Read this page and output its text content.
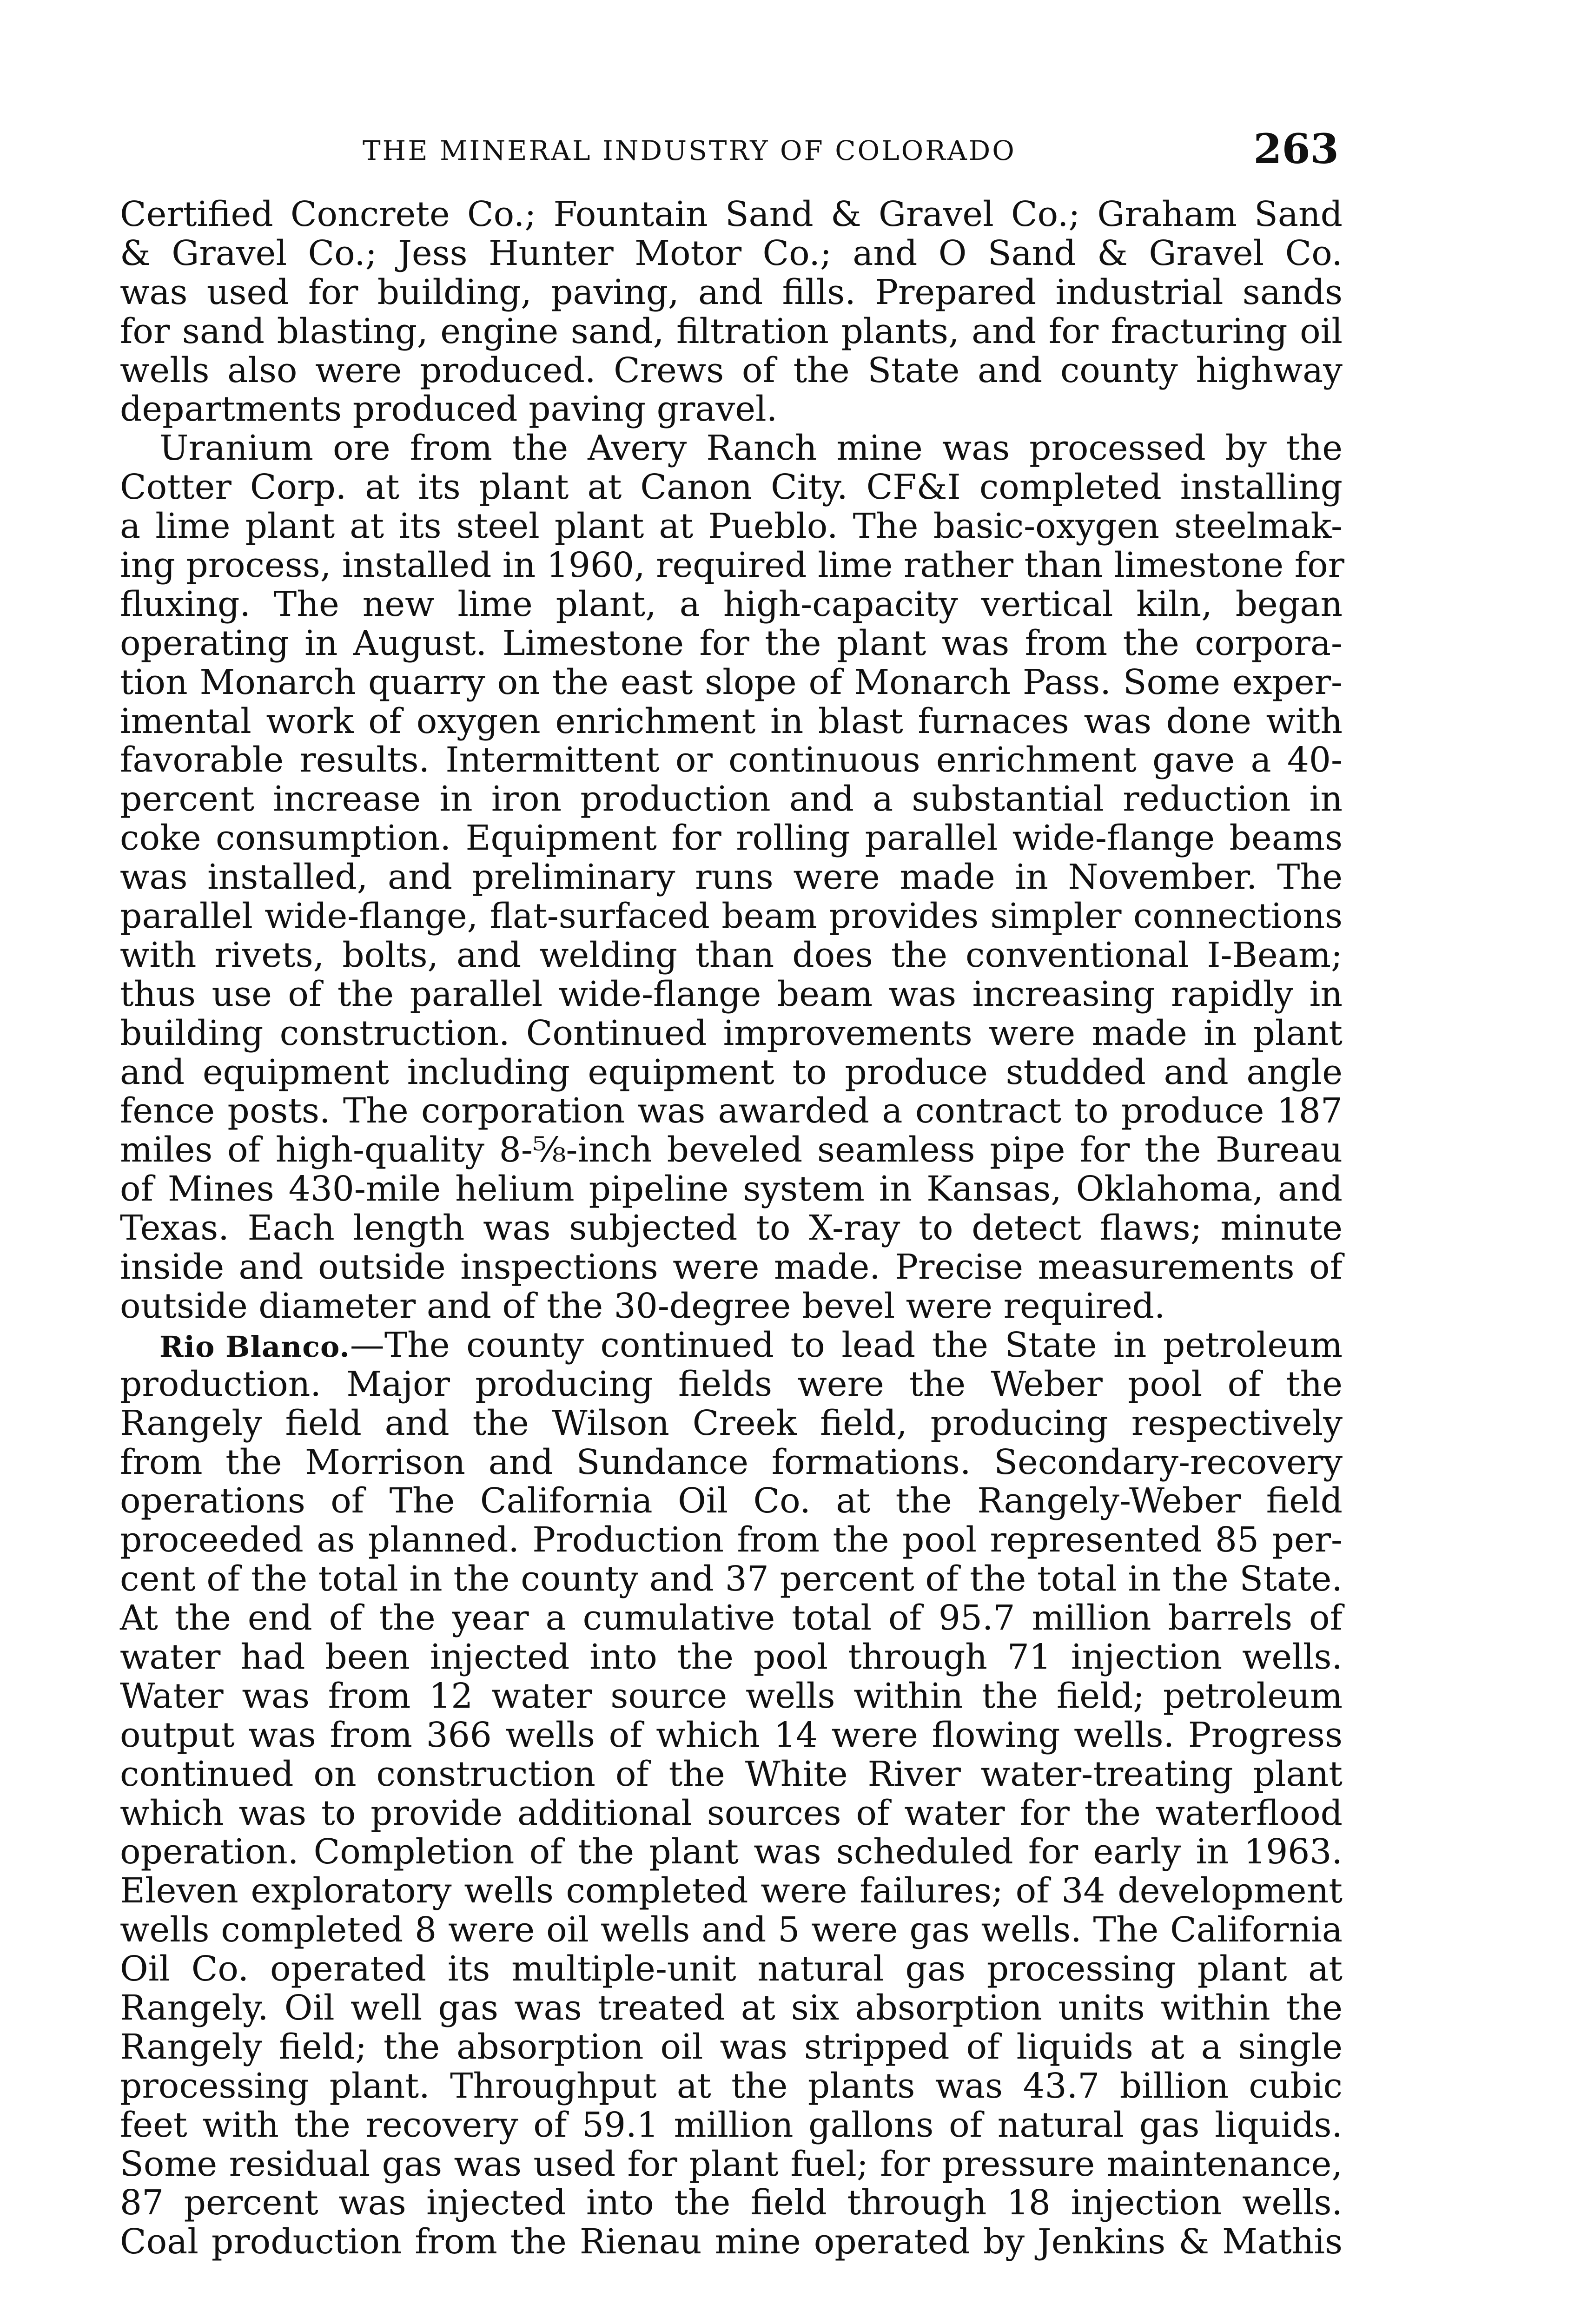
THE MINERAL INDUSTRY OF COLORADO	263
Certified Concrete Co.; Fountain Sand & Gravel Co.; Graham Sand
& Gravel Co.; Jess Hunter Motor Co.; and O Sand & Gravel Co.
was used for building, paving, and fills. Prepared industrial sands
for sand blasting, engine sand, filtration plants, and for fracturing oil
wells also were produced. Crews of the State and county highway
departments produced paving gravel.
Uranium ore from the Avery Ranch mine was processed by the
Cotter Corp. at its plant at Canon City. CF&I completed installing
a lime plant at its steel plant at Pueblo. The basic-oxygen steelmak-
ing process, installed in 1960, required lime rather than limestone for
fluxing. The new lime plant, a high-capacity vertical kiln, began
operating in August. Limestone for the plant was from the corpora-
tion Monarch quarry on the east slope of Monarch Pass. Some exper-
imental work of oxygen enrichment in blast furnaces was done with
favorable results. Intermittent or continuous enrichment gave a 40-
percent increase in iron production and a substantial reduction in
coke consumption. Equipment for rolling parallel wide-flange beams
was installed, and preliminary runs were made in November. The
parallel wide-flange, flat-surfaced beam provides simpler connections
with rivets, bolts, and welding than does the conventional I-Beam;
thus use of the parallel wide-flange beam was increasing rapidly in
building construction. Continued improvements were made in plant
and equipment including equipment to produce studded and angle
fence posts. The corporation was awarded a contract to produce 187
miles of high-quality 8-⅝-inch beveled seamless pipe for the Bureau
of Mines 430-mile helium pipeline system in Kansas, Oklahoma, and
Texas. Each length was subjected to X-ray to detect flaws; minute
inside and outside inspections were made. Precise measurements of
outside diameter and of the 30-degree bevel were required.
Rio Blanco. —The county continued to lead the State in petroleum
production. Major producing fields were the Weber pool of the
Rangely field and the Wilson Creek field, producing respectively
from the Morrison and Sundance formations. Secondary-recovery
operations of The California Oil Co. at the Rangely-Weber field
proceeded as planned. Production from the pool represented 85 per-
cent of the total in the county and 37 percent of the total in the State.
At the end of the year a cumulative total of 95.7 million barrels of
water had been injected into the pool through 71 injection wells.
Water was from 12 water source wells within the field; petroleum
output was from 366 wells of which 14 were flowing wells. Progress
continued on construction of the White River water-treating plant
which was to provide additional sources of water for the waterflood
operation. Completion of the plant was scheduled for early in 1963.
Eleven exploratory wells completed were failures; of 34 development
wells completed 8 were oil wells and 5 were gas wells. The California
Oil Co. operated its multiple-unit natural gas processing plant at
Rangely. Oil well gas was treated at six absorption units within the
Rangely field; the absorption oil was stripped of liquids at a single
processing plant. Throughput at the plants was 43.7 billion cubic
feet with the recovery of 59.1 million gallons of natural gas liquids.
Some residual gas was used for plant fuel; for pressure maintenance,
87 percent was injected into the field through 18 injection wells.
Coal production from the Rienau mine operated by Jenkins & Mathis
